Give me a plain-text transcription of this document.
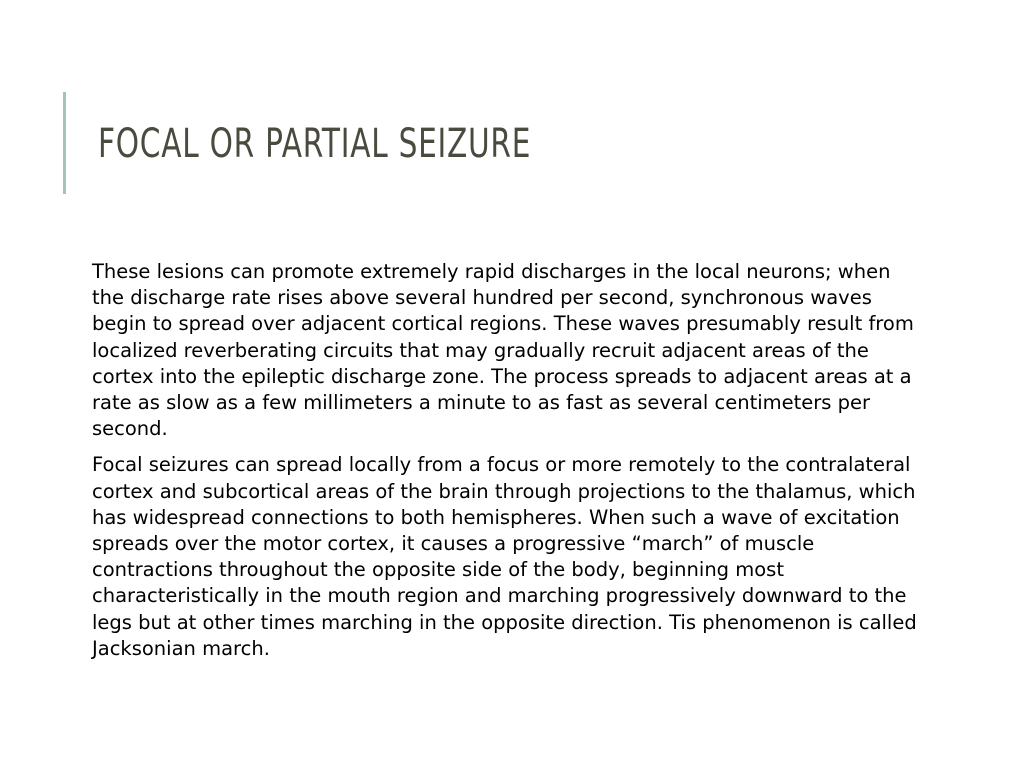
FOCAL OR PARTIAL SEIZURE

These lesions can promote extremely rapid discharges in the local neurons; when the discharge rate rises above several hundred per second, synchronous waves begin to spread over adjacent cortical regions. These waves presumably result from localized reverberating circuits that may gradually recruit adjacent areas of the cortex into the epileptic discharge zone. The process spreads to adjacent areas at a rate as slow as a few millimeters a minute to as fast as several centimeters per second.

Focal seizures can spread locally from a focus or more remotely to the contralateral cortex and subcortical areas of the brain through projections to the thalamus, which has widespread connections to both hemispheres. When such a wave of excitation spreads over the motor cortex, it causes a progressive “march” of muscle contractions throughout the opposite side of the body, beginning most characteristically in the mouth region and marching progressively downward to the legs but at other times marching in the opposite direction. Tis phenomenon is called Jacksonian march.
